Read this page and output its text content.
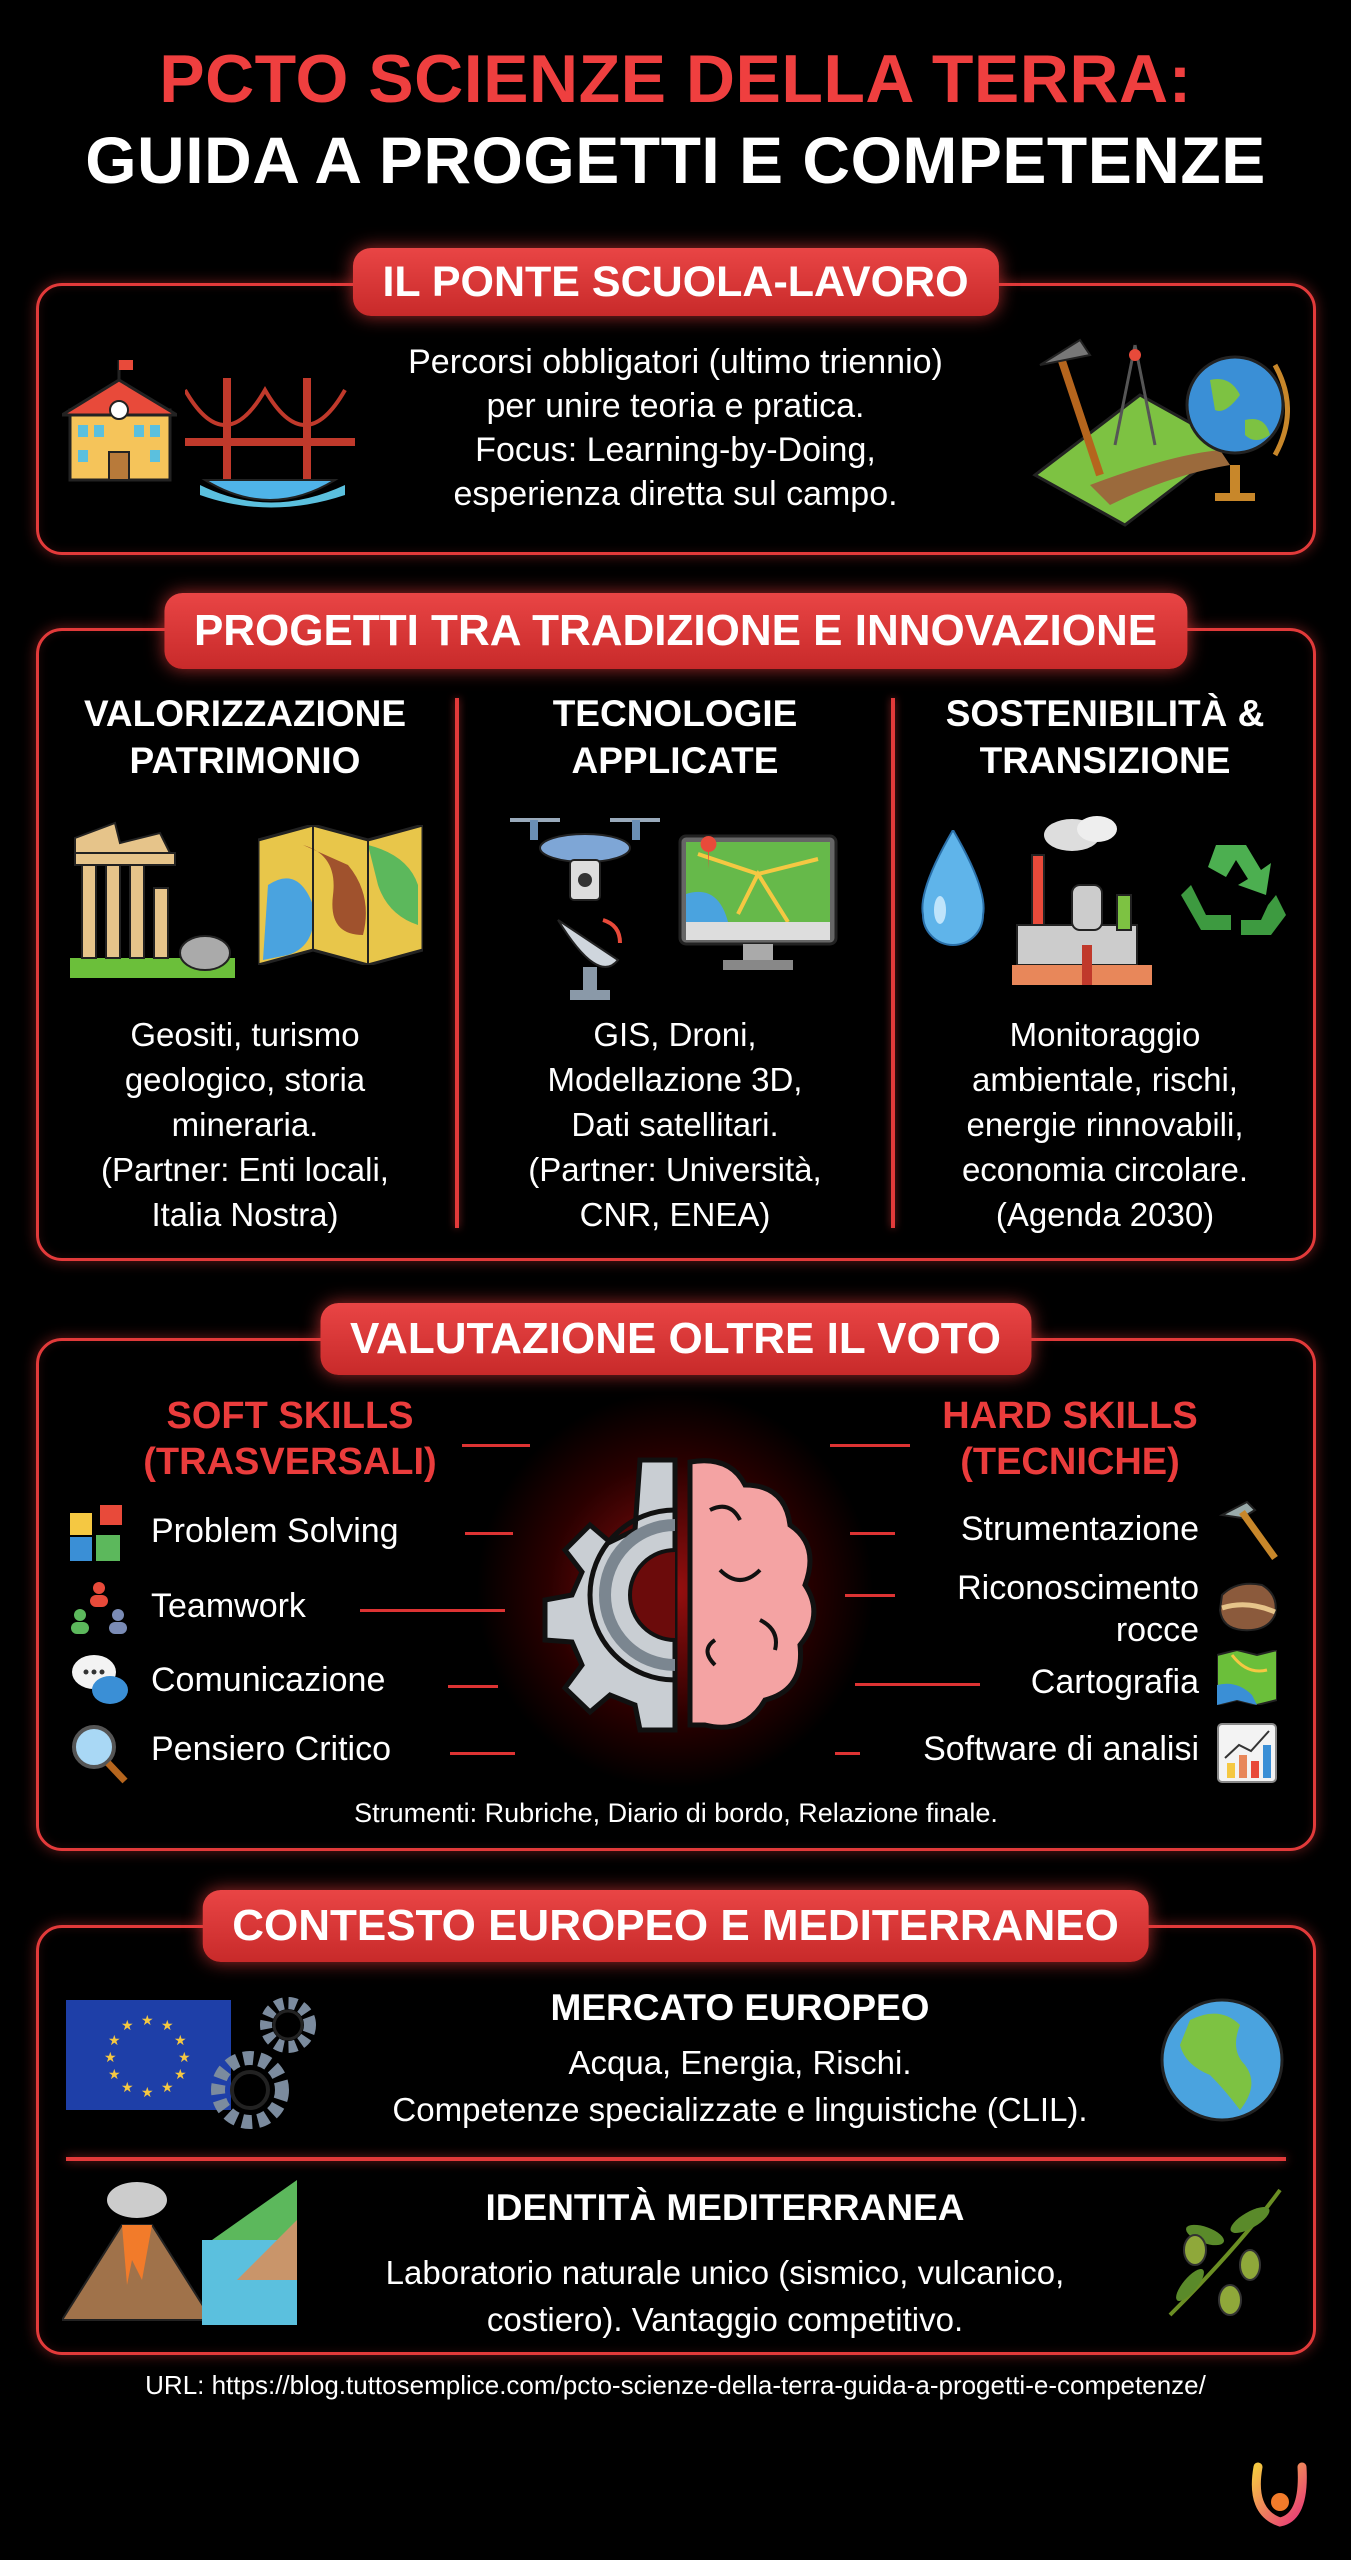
PCTO SCIENZE DELLA TERRA:
GUIDA A PROGETTI E COMPETENZE
IL PONTE SCUOLA-LAVORO
Percorsi obbligatori (ultimo triennio)
per unire teoria e pratica.
Focus: Learning-by-Doing,
esperienza diretta sul campo.
PROGETTI TRA TRADIZIONE E INNOVAZIONE
VALORIZZAZIONE
PATRIMONIO
Geositi, turismo
geologico, storia
mineraria.
(Partner: Enti locali,
Italia Nostra)
TECNOLOGIE
APPLICATE
GIS, Droni,
Modellazione 3D,
Dati satellitari.
(Partner: Università,
CNR, ENEA)
SOSTENIBILITÀ &
TRANSIZIONE
Monitoraggio
ambientale, rischi,
energie rinnovabili,
economia circolare.
(Agenda 2030)
VALUTAZIONE OLTRE IL VOTO
SOFT SKILLS
(TRASVERSALI)
HARD SKILLS
(TECNICHE)
Problem Solving
Teamwork
Comunicazione
Pensiero Critico
Strumentazione
Riconoscimento
rocce
Cartografia
Software di analisi
Strumenti: Rubriche, Diario di bordo, Relazione finale.
CONTESTO EUROPEO E MEDITERRANEO
★ ★
★
★
★
★
★
★
★
★
★
★	MERCATO EUROPEO
Acqua, Energia, Rischi.
Competenze specializzate e linguistiche (CLIL).
IDENTITÀ MEDITERRANEA
Laboratorio naturale unico (sismico, vulcanico,
costiero). Vantaggio competitivo.
URL: https://blog.tuttosemplice.com/pcto-scienze-della-terra-guida-a-progetti-e-competenze/
